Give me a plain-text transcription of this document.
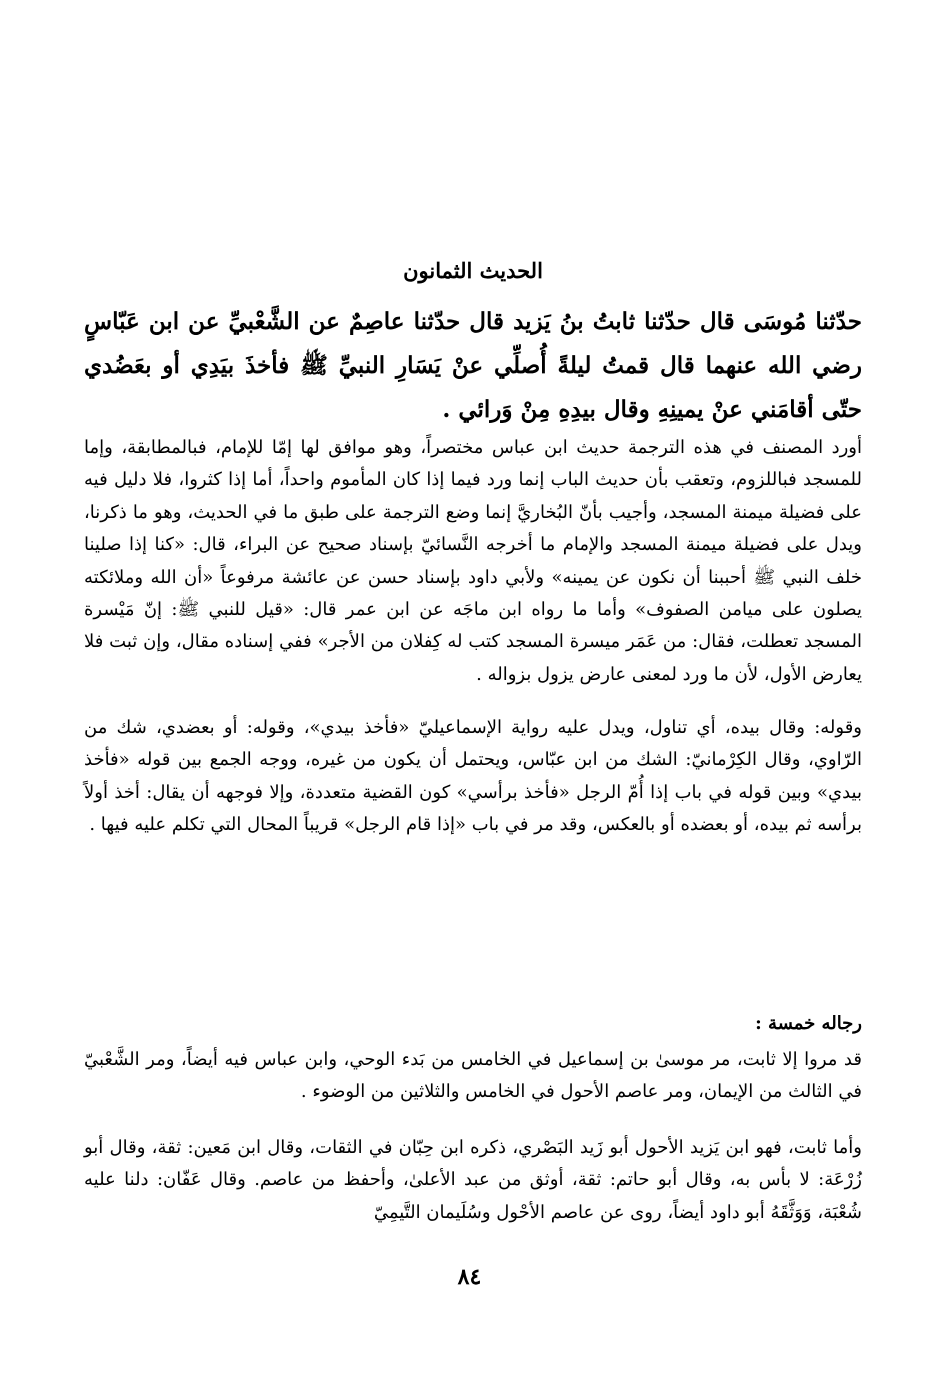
الحديث الثمانون
حدّثنا مُوسَى قال حدّثنا ثابتُ بنُ يَزيد قال حدّثنا عاصِمٌ عن الشَّعْبيِّ عن ابن عَبّاسٍ رضي الله عنهما قال قمتُ ليلةً أُصلِّي عنْ يَسَارِ النبيِّ ﷺ فأخذَ بيَدِي أو بعَضُدي حتّى أقامَني عنْ يمينِهِ وقال بيدِهِ مِنْ وَرائي .
أورد المصنف في هذه الترجمة حديث ابن عباس مختصراً، وهو موافق لها إمّا للإمام، فبالمطابقة، وإما للمسجد فباللزوم، وتعقب بأن حديث الباب إنما ورد فيما إذا كان المأموم واحداً، أما إذا كثروا، فلا دليل فيه على فضيلة ميمنة المسجد، وأجيب بأنّ البُخاريَّ إنما وضع الترجمة على طبق ما في الحديث، وهو ما ذكرنا، ويدل على فضيلة ميمنة المسجد والإمام ما أخرجه النَّسائيّ بإسناد صحيح عن البراء، قال: «كنا إذا صلينا خلف النبي ﷺ أحببنا أن نكون عن يمينه» ولأبي داود بإسناد حسن عن عائشة مرفوعاً «أن الله وملائكته يصلون على ميامن الصفوف» وأما ما رواه ابن ماجَه عن ابن عمر قال: «قيل للنبي ﷺ: إنّ مَيْسرة المسجد تعطلت، فقال: من عَمَر ميسرة المسجد كتب له كِفلان من الأجر» ففي إسناده مقال، وإن ثبت فلا يعارض الأول، لأن ما ورد لمعنى عارض يزول بزواله .
وقوله: وقال بيده، أي تناول، ويدل عليه رواية الإسماعيليّ «فأخذ بيدي»، وقوله: أو بعضدي، شك من الرّاوي، وقال الكِرْمانيّ: الشك من ابن عبّاس، ويحتمل أن يكون من غيره، ووجه الجمع بين قوله «فأخذ بيدي» وبين قوله في باب إذا أُمّ الرجل «فأخذ برأسي» كون القضية متعددة، وإلا فوجهه أن يقال: أخذ أولاً برأسه ثم بيده، أو بعضده أو بالعكس، وقد مر في باب «إذا قام الرجل» قريباً المحال التي تكلم عليه فيها .
رجاله خمسة :
قد مروا إلا ثابت، مر موسىٰ بن إسماعيل في الخامس من بَدء الوحي، وابن عباس فيه أيضاً، ومر الشَّعْبيّ في الثالث من الإيمان، ومر عاصم الأحول في الخامس والثلاثين من الوضوء .
وأما ثابت، فهو ابن يَزيد الأحول أبو زَيد البَصْري، ذكره ابن حِبّان في الثقات، وقال ابن مَعين: ثقة، وقال أبو زُرْعَة: لا بأس به، وقال أبو حاتم: ثقة، أوثق من عبد الأعلىٰ، وأحفظ من عاصم. وقال عَفّان: دلنا عليه شُعْبَة، وَوَثَّقَهُ أبو داود أيضاً، روى عن عاصم الأحْول وسُلَيمان التَّيمِيّ
٨٤
